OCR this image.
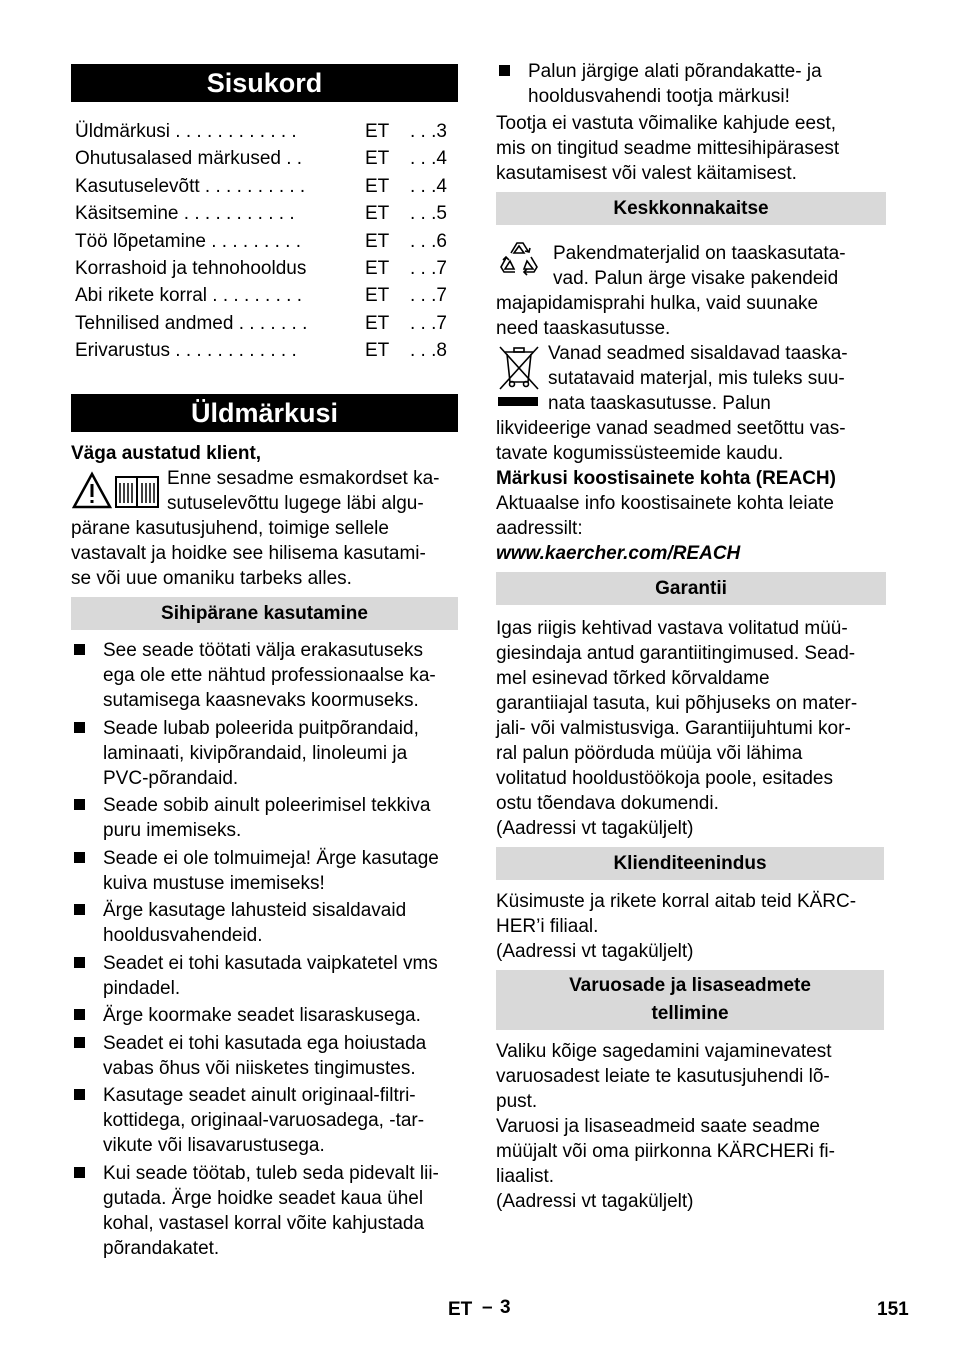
Sisukord
Üldmärkusi . . . . . . . . . . . .	ET . . .3
Ohutusalased märkused . .	ET . . .4
Kasutuselevõtt . . . . . . . . . .	ET . . .4
Käsitsemine . . . . . . . . . . .	ET . . .5
Töö lõpetamine . . . . . . . . .	ET . . .6
Korrashoid ja tehnohooldus	ET . . .7
Abi rikete korral . . . . . . . . .	ET . . .7
Tehnilised andmed . . . . . . .	ET . . .7
Erivarustus . . . . . . . . . . . .	ET . . .8
Üldmärkusi
Väga austatud klient,
Enne sesadme esmakordset ka-
sutuselevõttu lugege läbi algu-
pärane kasutusjuhend, toimige sellele
vastavalt ja hoidke see hilisema kasutami-
se või uue omaniku tarbeks alles.
Sihipärane kasutamine
See seade töötati välja erakasutuseks
ega ole ette nähtud professionaalse ka-
sutamisega kaasnevaks koormuseks.
Seade lubab poleerida puitpõrandaid,
laminaati, kivipõrandaid, linoleumi ja
PVC-põrandaid.
Seade sobib ainult poleerimisel tekkiva
puru imemiseks.
Seade ei ole tolmuimeja! Ärge kasutage
kuiva mustuse imemiseks!
Ärge kasutage lahusteid sisaldavaid
hooldusvahendeid.
Seadet ei tohi kasutada vaipkatetel vms
pindadel.
Ärge koormake seadet lisaraskusega.
Seadet ei tohi kasutada ega hoiustada
vabas õhus või niisketes tingimustes.
Kasutage seadet ainult originaal-filtri-
kottidega, originaal-varuosadega, -tar-
vikute või lisavarustusega.
Kui seade töötab, tuleb seda pidevalt lii-
gutada. Ärge hoidke seadet kaua ühel
kohal, vastasel korral võite kahjustada
põrandakatet.
Palun järgige alati põrandakatte- ja
hooldusvahendi tootja märkusi!
Tootja ei vastuta võimalike kahjude eest,
mis on tingitud seadme mittesihipärasest
kasutamisest või valest käitamisest.
Keskkonnakaitse
Pakendmaterjalid on taaskasutata-
vad. Palun ärge visake pakendeid
majapidamisprahi hulka, vaid suunake
need taaskasutusse.
Vanad seadmed sisaldavad taaska-
sutatavaid materjal, mis tuleks suu-
nata taaskasutusse. Palun
likvideerige vanad seadmed seetõttu vas-
tavate kogumissüsteemide kaudu.
Märkusi koostisainete kohta (REACH)
Aktuaalse info koostisainete kohta leiate
aadressilt:
www.kaercher.com/REACH
Garantii
Igas riigis kehtivad vastava volitatud müü-
giesindaja antud garantiitingimused. Sead-
mel esinevad tõrked kõrvaldame
garantiiajal tasuta, kui põhjuseks on mater-
jali- või valmistusviga. Garantiijuhtumi kor-
ral palun pöörduda müüja või lähima
volitatud hooldustöökoja poole, esitades
ostu tõendava dokumendi.
(Aadressi vt tagaküljelt)
Klienditeenindus
Küsimuste ja rikete korral aitab teid KÄRC-
HER’i filiaal.
(Aadressi vt tagaküljelt)
Varuosade ja lisaseadmete
tellimine
Valiku kõige sagedamini vajaminevatest
varuosadest leiate te kasutusjuhendi lõ-
pust.
Varuosi ja lisaseadmeid saate seadme
müüjalt või oma piirkonna KÄRCHERi fi-
liaalist.
(Aadressi vt tagaküljelt)
ET – 3	151
